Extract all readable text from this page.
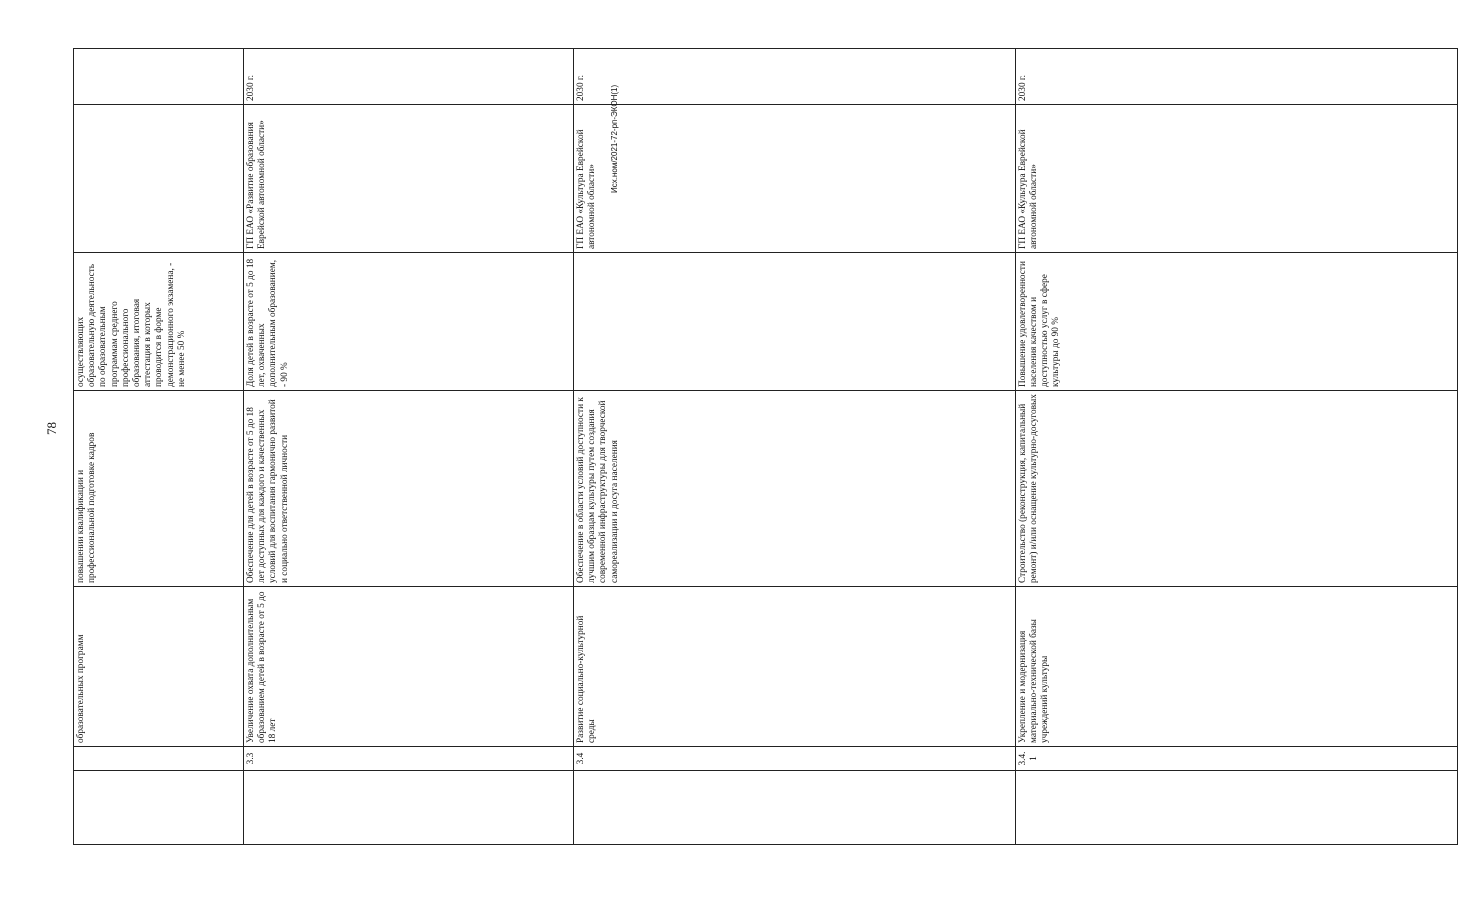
78
		образовательных программ	повышении квалификации и профессиональной подготовке кадров	осуществляющих образовательную деятельность по образовательным программам среднего профессионального образования, итоговая аттестация в которых проводится в форме демонстрационного экзамена, - не менее 50 %			
	3.3	Увеличение охвата дополнительным образованием детей в возрасте от 5 до 18 лет	Обеспечение для детей в возрасте от 5 до 18 лет доступных для каждого и качественных условий для воспитания гармонично развитой и социально ответственной личности	Доля детей в возрасте от 5 до 18 лет, охваченных дополнительным образованием, - 90 %	ГП ЕАО «Развитие образования Еврейской автономной области»	2030 г.	
	3.4	Развитие социально-культурной среды	Обеспечение в области условий доступности к лучшим образцам культуры путем создания современной инфраструктуры для творческой самореализации и досуга населения		ГП ЕАО «Культура Еврейской автономной области»	2030 г.	
	3.4.1	Укрепление и модернизация материально-технической базы учреждений культуры	Строительство (реконструкция, капитальный ремонт) и/или оснащение культурно-досуговых	Повышение удовлетворенности населения качеством и доступностью услуг в сфере культуры до 90 %	ГП ЕАО «Культура Еврейской автономной области»	2030 г.	
Исх.ном/2021-72-рп-ЭКОН(1)
